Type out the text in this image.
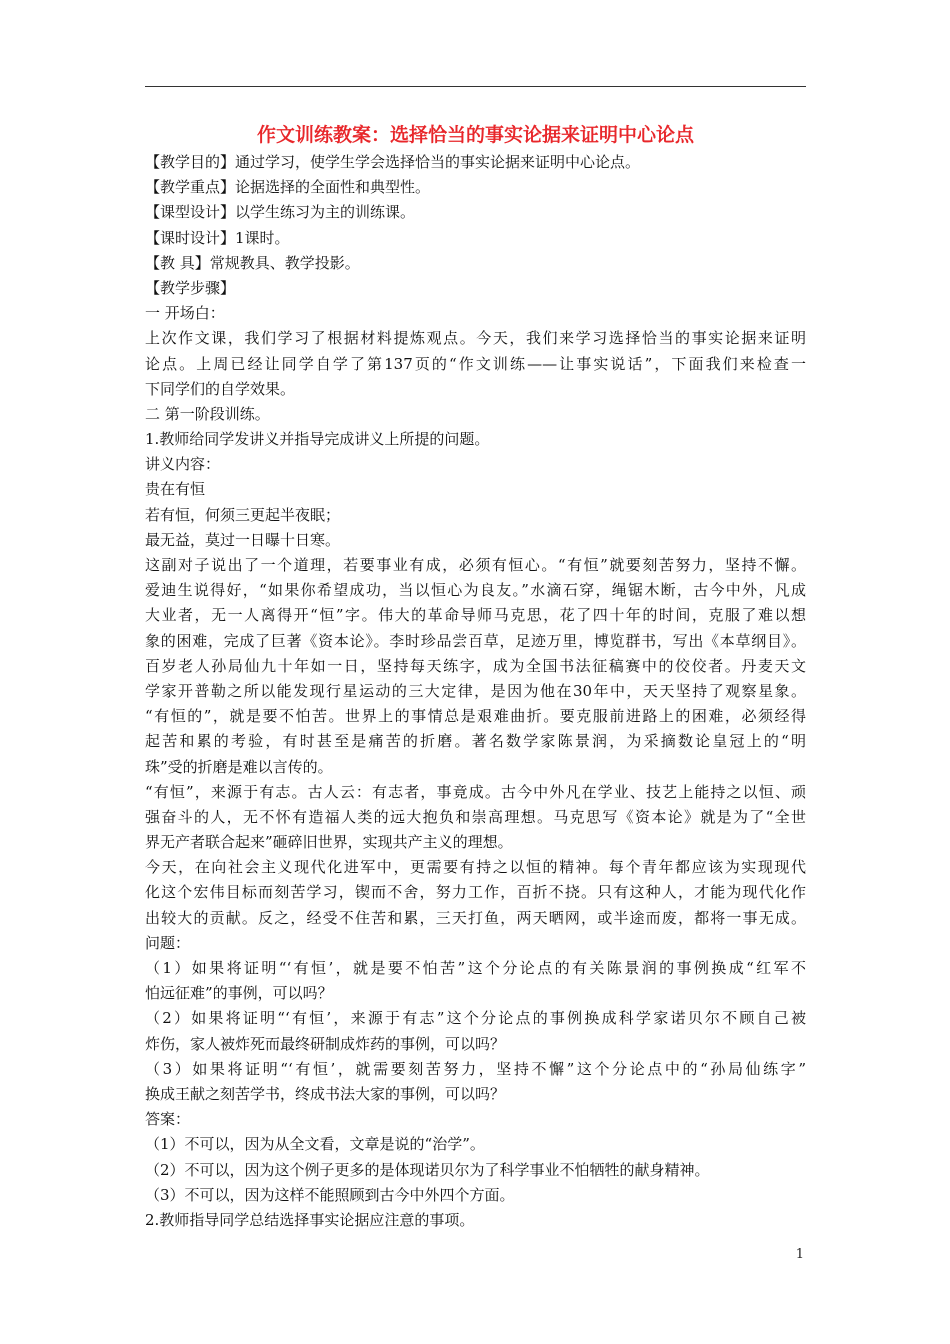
作文训练教案：选择恰当的事实论据来证明中心论点
【教学目的】通过学习，使学生学会选择恰当的事实论据来证明中心论点。
【教学重点】论据选择的全面性和典型性。
【课型设计】以学生练习为主的训练课。
【课时设计】1课时。
【教 具】常规教具、教学投影。
【教学步骤】
一 开场白：
上次作文课，我们学习了根据材料提炼观点。今天，我们来学习选择恰当的事实论据来证明
论点。上周已经让同学自学了第137页的“作文训练——让事实说话”，下面我们来检查一
下同学们的自学效果。
二 第一阶段训练。
1.教师给同学发讲义并指导完成讲义上所提的问题。
讲义内容：
贵在有恒
若有恒，何须三更起半夜眠；
最无益，莫过一日曝十日寒。
这副对子说出了一个道理，若要事业有成，必须有恒心。“有恒”就要刻苦努力，坚持不懈。
爱迪生说得好，“如果你希望成功，当以恒心为良友。”水滴石穿，绳锯木断，古今中外，凡成
大业者，无一人离得开“恒”字。伟大的革命导师马克思，花了四十年的时间，克服了难以想
象的困难，完成了巨著《资本论》。李时珍品尝百草，足迹万里，博览群书，写出《本草纲目》。
百岁老人孙局仙九十年如一日，坚持每天练字，成为全国书法征稿赛中的佼佼者。丹麦天文
学家开普勒之所以能发现行星运动的三大定律，是因为他在30年中，天天坚持了观察星象。
“有恒的”，就是要不怕苦。世界上的事情总是艰难曲折。要克服前进路上的困难，必须经得
起苦和累的考验，有时甚至是痛苦的折磨。著名数学家陈景润，为采摘数论皇冠上的“明
珠”受的折磨是难以言传的。
“有恒”，来源于有志。古人云：有志者，事竟成。古今中外凡在学业、技艺上能持之以恒、顽
强奋斗的人，无不怀有造福人类的远大抱负和崇高理想。马克思写《资本论》就是为了“全世
界无产者联合起来”砸碎旧世界，实现共产主义的理想。
今天，在向社会主义现代化进军中，更需要有持之以恒的精神。每个青年都应该为实现现代
化这个宏伟目标而刻苦学习，锲而不舍，努力工作，百折不挠。只有这种人，才能为现代化作
出较大的贡献。反之，经受不住苦和累，三天打鱼，两天晒网，或半途而废，都将一事无成。
问题：
（1）如果将证明“‘有恒’，就是要不怕苦”这个分论点的有关陈景润的事例换成“红军不
怕远征难”的事例，可以吗？
（2）如果将证明“‘有恒’，来源于有志”这个分论点的事例换成科学家诺贝尔不顾自己被
炸伤，家人被炸死而最终研制成炸药的事例，可以吗？
（3）如果将证明“‘有恒’，就需要刻苦努力，坚持不懈”这个分论点中的“孙局仙练字”
换成王献之刻苦学书，终成书法大家的事例，可以吗？
答案：
（1）不可以，因为从全文看，文章是说的“治学”。
（2）不可以，因为这个例子更多的是体现诺贝尔为了科学事业不怕牺牲的献身精神。
（3）不可以，因为这样不能照顾到古今中外四个方面。
2.教师指导同学总结选择事实论据应注意的事项。
1
